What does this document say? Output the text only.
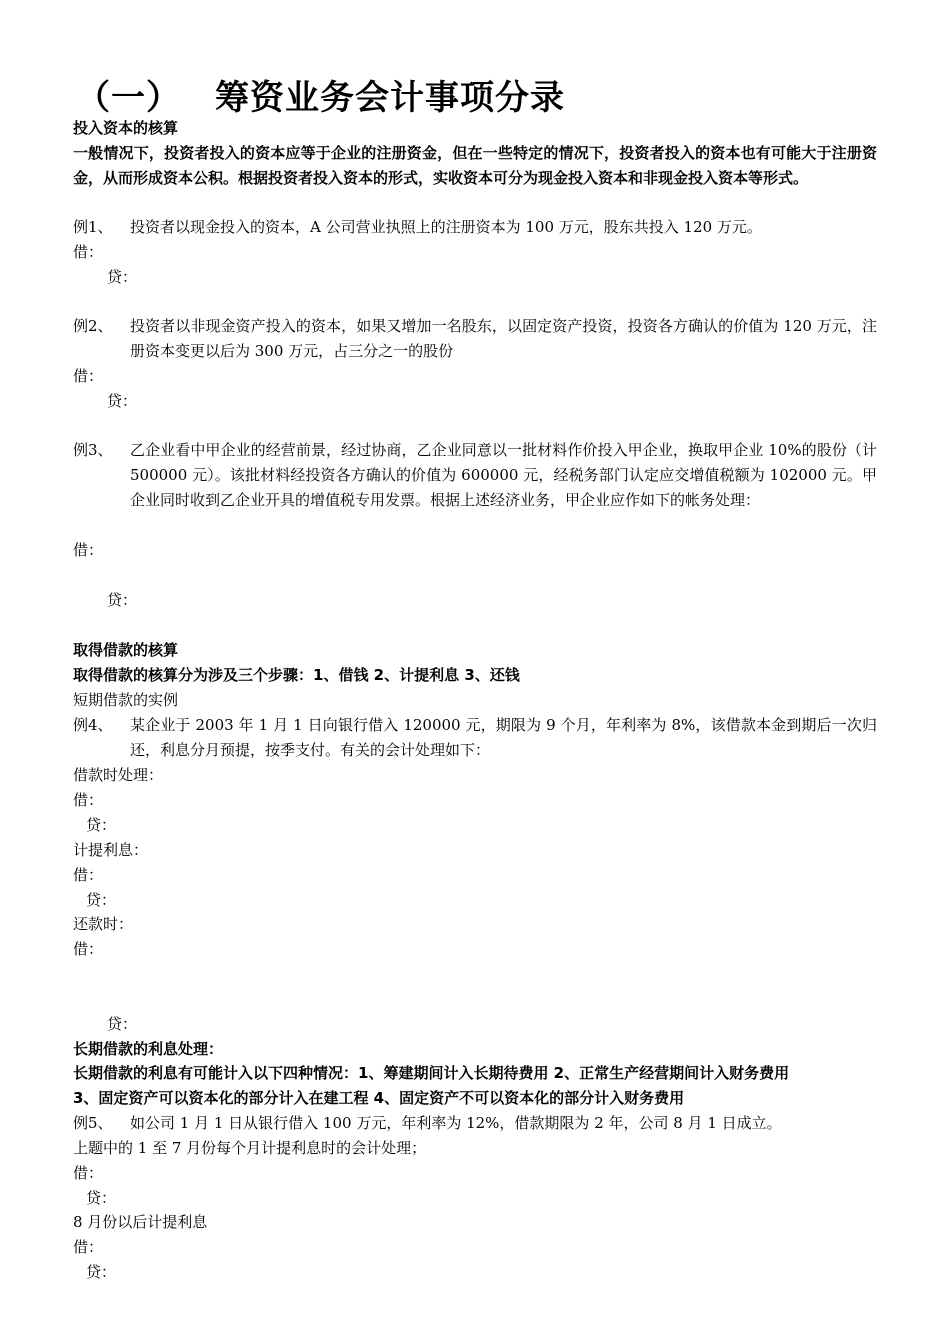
（一） 筹资业务会计事项分录
投入资本的核算
一般情况下，投资者投入的资本应等于企业的注册资金，但在一些特定的情况下，投资者投入的资本也有可能大于注册资金，从而形成资本公积。根据投资者投入资本的形式，实收资本可分为现金投入资本和非现金投入资本等形式。
例1、 投资者以现金投入的资本，A 公司营业执照上的注册资本为 100 万元，股东共投入 120 万元。
借：
贷：
例2、 投资者以非现金资产投入的资本，如果又增加一名股东，以固定资产投资，投资各方确认的价值为 120 万元，注册资本变更以后为 300 万元，占三分之一的股份
借：
贷：
例3、 乙企业看中甲企业的经营前景，经过协商，乙企业同意以一批材料作价投入甲企业，换取甲企业 10%的股份（计 500000 元）。该批材料经投资各方确认的价值为 600000 元，经税务部门认定应交增值税额为 102000 元。甲企业同时收到乙企业开具的增值税专用发票。根据上述经济业务，甲企业应作如下的帐务处理：
借：
贷：
取得借款的核算
取得借款的核算分为涉及三个步骤：1、借钱 2、计提利息 3、还钱
短期借款的实例
例4、 某企业于 2003 年 1 月 1 日向银行借入 120000 元，期限为 9 个月，年利率为 8%，该借款本金到期后一次归还，利息分月预提，按季支付。有关的会计处理如下：
借款时处理：
借：
贷：
计提利息：
借：
贷：
还款时：
借：
贷：
长期借款的利息处理：
长期借款的利息有可能计入以下四种情况：1、筹建期间计入长期待费用 2、正常生产经营期间计入财务费用
3、固定资产可以资本化的部分计入在建工程 4、固定资产不可以资本化的部分计入财务费用
例5、 如公司 1 月 1 日从银行借入 100 万元，年利率为 12%，借款期限为 2 年，公司 8 月 1 日成立。
上题中的 1 至 7 月份每个月计提利息时的会计处理；
借：
贷：
8 月份以后计提利息
借：
贷：
